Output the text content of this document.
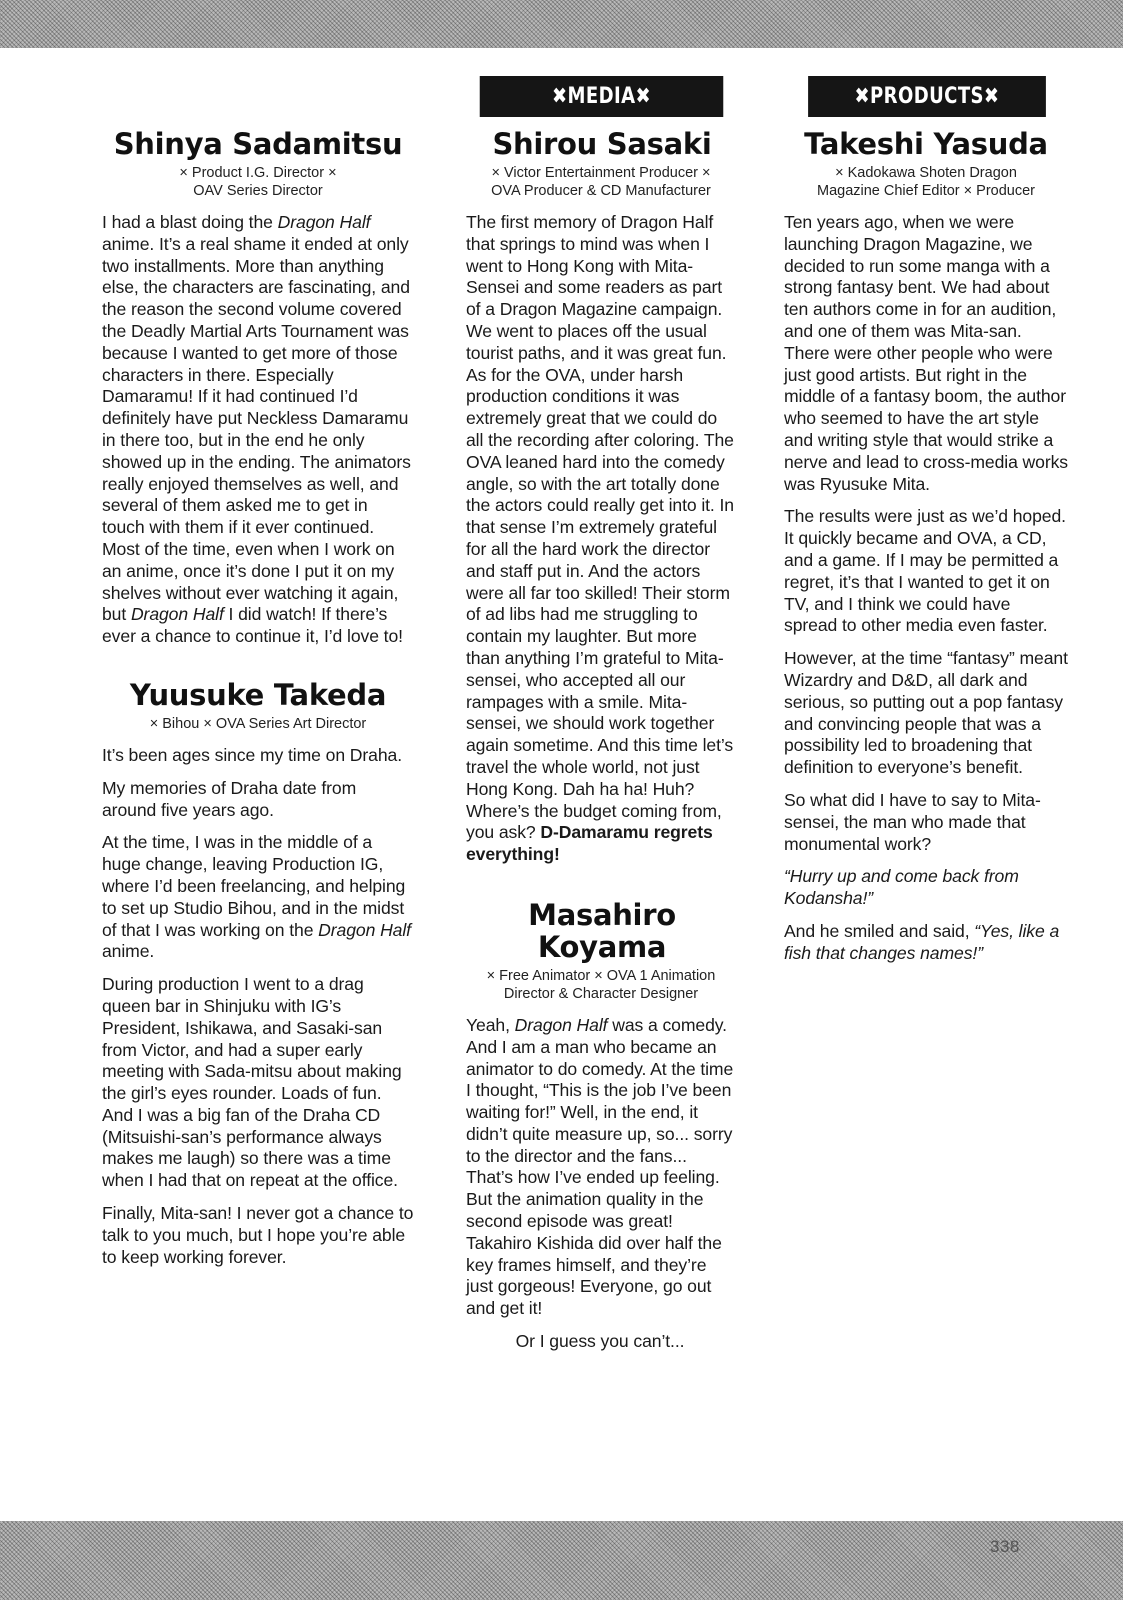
Shinya Sadamitsu
× Product I.G. Director ×
OAV Series Director

I had a blast doing the Dragon Half anime. It’s a real shame it ended at only two installments. More than anything else, the characters are fascinating, and the reason the second volume covered the Deadly Martial Arts Tournament was because I wanted to get more of those characters in there. Especially Damaramu! If it had continued I’d definitely have put Neckless Damaramu in there too, but in the end he only showed up in the ending. The animators really enjoyed themselves as well, and several of them asked me to get in touch with them if it ever continued. Most of the time, even when I work on an anime, once it’s done I put it on my shelves without ever watching it again, but Dragon Half I did watch! If there’s ever a chance to continue it, I’d love to!

Yuusuke Takeda
× Bihou × OVA Series Art Director

It’s been ages since my time on Draha.

My memories of Draha date from around five years ago.

At the time, I was in the middle of a huge change, leaving Production IG, where I’d been freelancing, and helping to set up Studio Bihou, and in the midst of that I was working on the Dragon Half anime.

During production I went to a drag queen bar in Shinjuku with IG’s President, Ishikawa, and Sasaki-san from Victor, and had a super early meeting with Sada-mitsu about making the girl’s eyes rounder. Loads of fun. And I was a big fan of the Draha CD (Mitsuishi-san’s performance always makes me laugh) so there was a time when I had that on repeat at the office.

Finally, Mita-san! I never got a chance to talk to you much, but I hope you’re able to keep working forever.

✖MEDIA✖
Shirou Sasaki
× Victor Entertainment Producer ×
OVA Producer & CD Manufacturer

The first memory of Dragon Half that springs to mind was when I went to Hong Kong with Mita-Sensei and some readers as part of a Dragon Magazine campaign. We went to places off the usual tourist paths, and it was great fun. As for the OVA, under harsh production conditions it was extremely great that we could do all the recording after coloring. The OVA leaned hard into the comedy angle, so with the art totally done the actors could really get into it. In that sense I’m extremely grateful for all the hard work the director and staff put in. And the actors were all far too skilled! Their storm of ad libs had me struggling to contain my laughter. But more than anything I’m grateful to Mita-sensei, who accepted all our rampages with a smile. Mita-sensei, we should work together again sometime. And this time let’s travel the whole world, not just Hong Kong. Dah ha ha! Huh? Where’s the budget coming from, you ask? D-Damaramu regrets everything!

Masahiro
Koyama
× Free Animator × OVA 1 Animation
Director & Character Designer

Yeah, Dragon Half was a comedy. And I am a man who became an animator to do comedy. At the time I thought, “This is the job I’ve been waiting for!” Well, in the end, it didn’t quite measure up, so... sorry to the director and the fans... That’s how I’ve ended up feeling. But the animation quality in the second episode was great! Takahiro Kishida did over half the key frames himself, and they’re just gorgeous! Everyone, go out and get it!

Or I guess you can’t...

✖PRODUCTS✖
Takeshi Yasuda
× Kadokawa Shoten Dragon
Magazine Chief Editor × Producer

Ten years ago, when we were launching Dragon Magazine, we decided to run some manga with a strong fantasy bent. We had about ten authors come in for an audition, and one of them was Mita-san. There were other people who were just good artists. But right in the middle of a fantasy boom, the author who seemed to have the art style and writing style that would strike a nerve and lead to cross-media works was Ryusuke Mita.

The results were just as we’d hoped. It quickly became and OVA, a CD, and a game. If I may be permitted a regret, it’s that I wanted to get it on TV, and I think we could have spread to other media even faster.

However, at the time “fantasy” meant Wizardry and D&D, all dark and serious, so putting out a pop fantasy and convincing people that was a possibility led to broadening that definition to everyone’s benefit.

So what did I have to say to Mita-sensei, the man who made that monumental work?

“Hurry up and come back from Kodansha!”

And he smiled and said, “Yes, like a fish that changes names!”

338
